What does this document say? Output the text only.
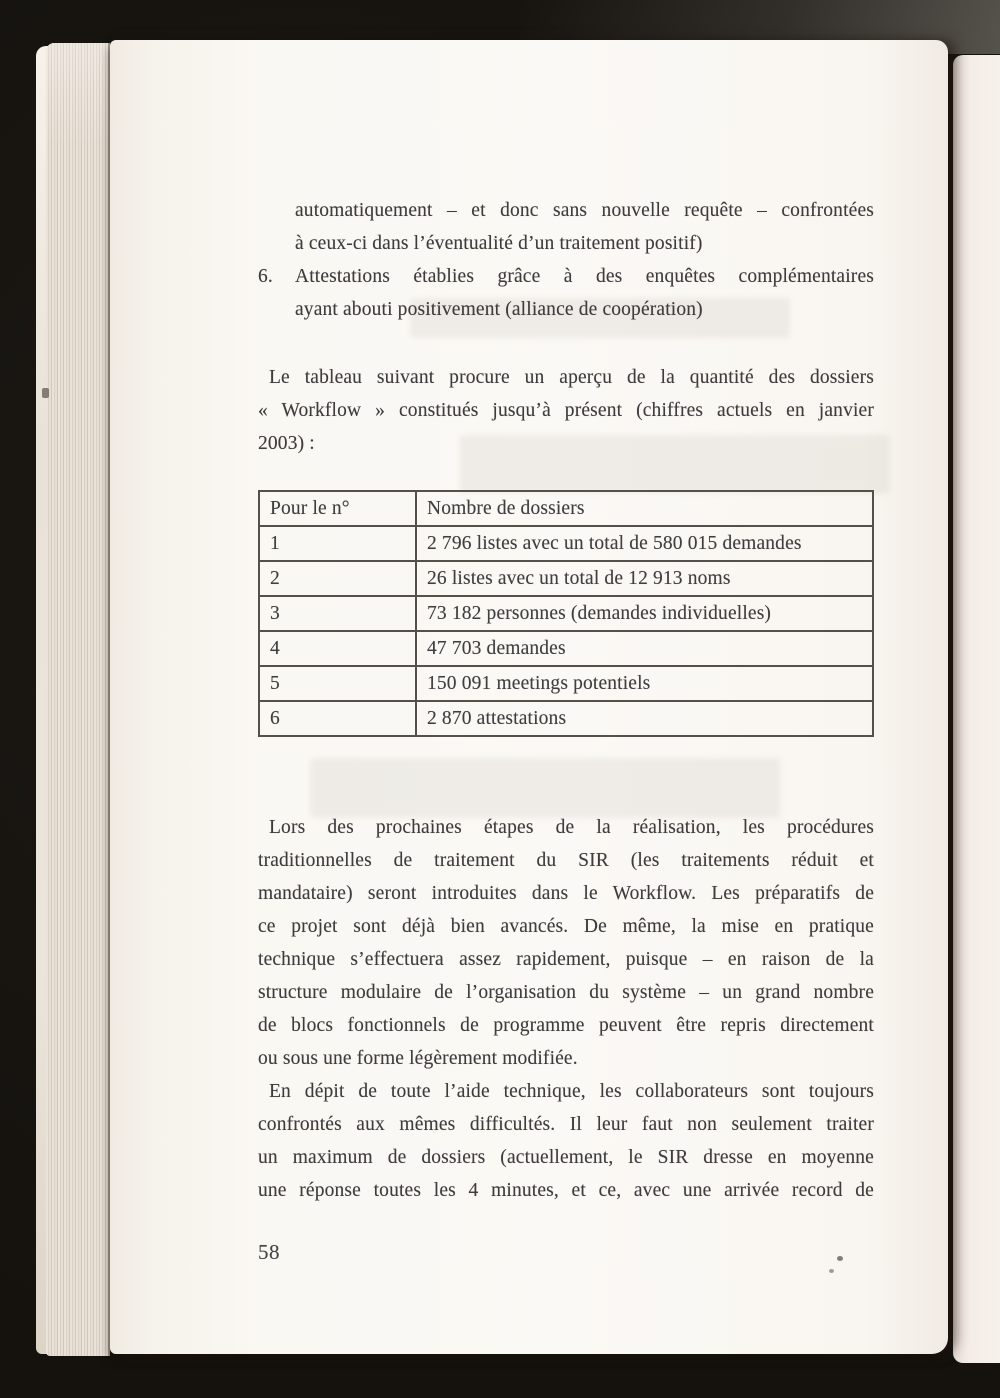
automatiquement – et donc sans nouvelle requête – confrontées
à ceux-ci dans l’éventualité d’un traitement positif)
6.	Attestations établies grâce à des enquêtes complémentaires
ayant abouti positivement (alliance de coopération)
Le tableau suivant procure un aperçu de la quantité des dossiers
« Workflow » constitués jusqu’à présent (chiffres actuels en janvier
2003) :
Pour le n°	Nombre de dossiers
1	2 796 listes avec un total de 580 015 demandes
2	26 listes avec un total de 12 913 noms
3	73 182 personnes (demandes individuelles)
4	47 703 demandes
5	150 091 meetings potentiels
6	2 870 attestations
Lors des prochaines étapes de la réalisation, les procédures
traditionnelles de traitement du SIR (les traitements réduit et
mandataire) seront introduites dans le Workflow. Les préparatifs de
ce projet sont déjà bien avancés. De même, la mise en pratique
technique s’effectuera assez rapidement, puisque – en raison de la
structure modulaire de l’organisation du système – un grand nombre
de blocs fonctionnels de programme peuvent être repris directement
ou sous une forme légèrement modifiée.
En dépit de toute l’aide technique, les collaborateurs sont toujours
confrontés aux mêmes difficultés. Il leur faut non seulement traiter
un maximum de dossiers (actuellement, le SIR dresse en moyenne
une réponse toutes les 4 minutes, et ce, avec une arrivée record de
58
